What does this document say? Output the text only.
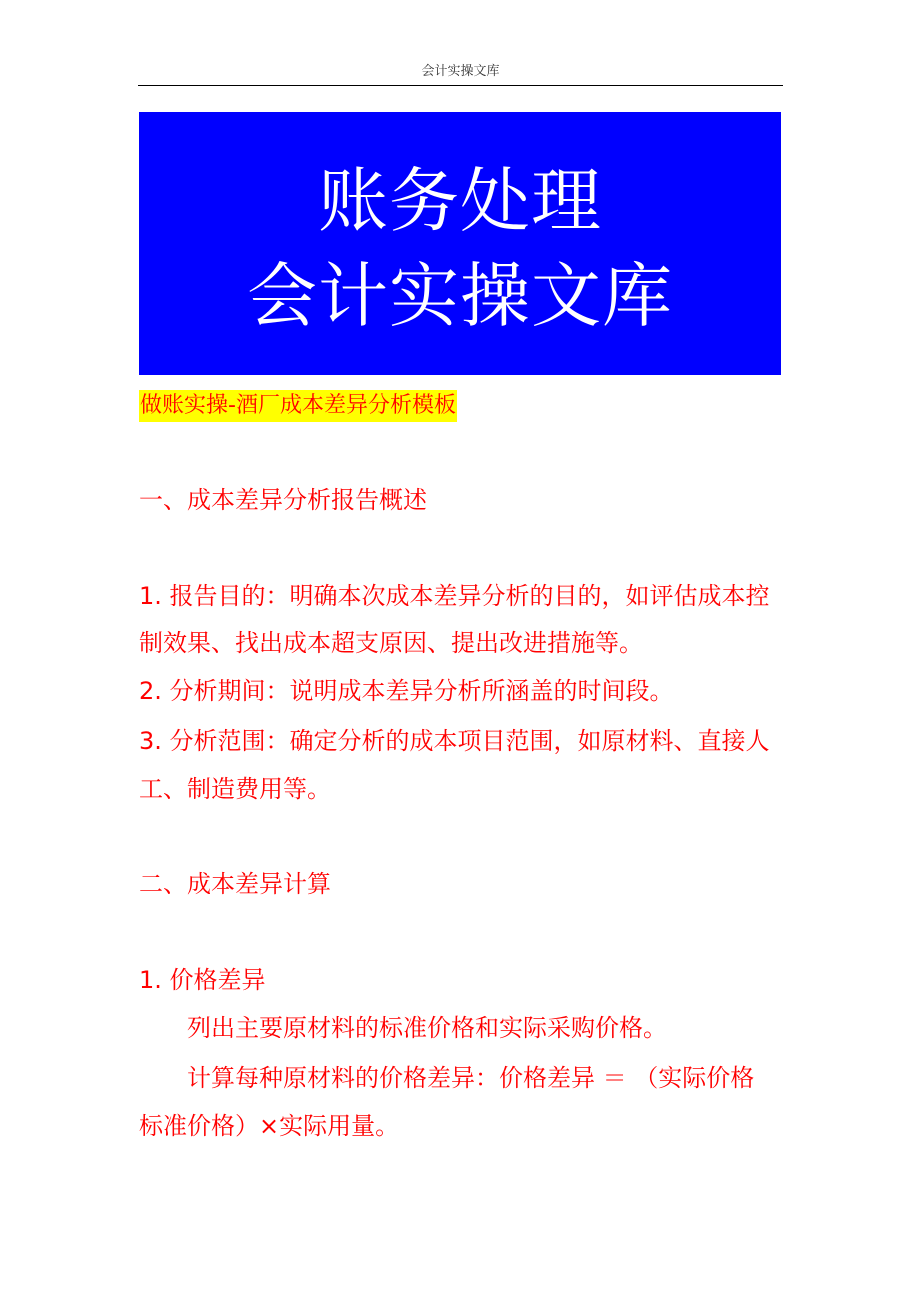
会计实操文库
账务处理
会计实操文库
做账实操-酒厂成本差异分析模板
一、成本差异分析报告概述
1. 报告目的：明确本次成本差异分析的目的，如评估成本控
制效果、找出成本超支原因、提出改进措施等。
2. 分析期间：说明成本差异分析所涵盖的时间段。
3. 分析范围：确定分析的成本项目范围，如原材料、直接人
工、制造费用等。
二、成本差异计算
1. 价格差异
列出主要原材料的标准价格和实际采购价格。
计算每种原材料的价格差异：价格差异 ＝ （实际价格
标准价格）×实际用量。
